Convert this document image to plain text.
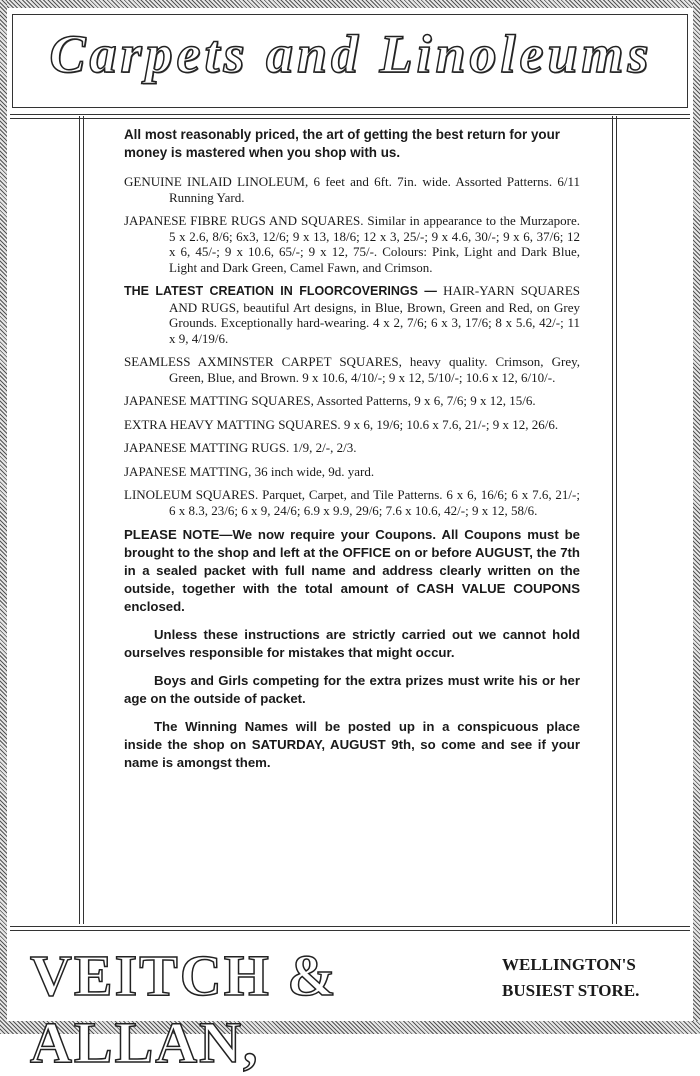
Carpets and Linoleums

All most reasonably priced, the art of getting the best return for your money is mastered when you shop with us.

GENUINE INLAID LINOLEUM, 6 feet and 6ft. 7in. wide. Assorted Patterns. 6/11 Running Yard.

JAPANESE FIBRE RUGS AND SQUARES. Similar in appearance to the Murzapore. 5 x 2.6, 8/6; 6x3, 12/6; 9 x 13, 18/6; 12 x 3, 25/-; 9 x 4.6, 30/-; 9 x 6, 37/6; 12 x 6, 45/-; 9 x 10.6, 65/-; 9 x 12, 75/-. Colours: Pink, Light and Dark Blue, Light and Dark Green, Camel Fawn, and Crimson.

THE LATEST CREATION IN FLOORCOVERINGS — HAIR-YARN SQUARES AND RUGS, beautiful Art designs, in Blue, Brown, Green and Red, on Grey Grounds. Exceptionally hard-wearing. 4 x 2, 7/6; 6 x 3, 17/6; 8 x 5.6, 42/-; 11 x 9, 4/19/6.

SEAMLESS AXMINSTER CARPET SQUARES, heavy quality. Crimson, Grey, Green, Blue, and Brown. 9 x 10.6, 4/10/-; 9 x 12, 5/10/-; 10.6 x 12, 6/10/-.

JAPANESE MATTING SQUARES, Assorted Patterns, 9 x 6, 7/6; 9 x 12, 15/6.

EXTRA HEAVY MATTING SQUARES. 9 x 6, 19/6; 10.6 x 7.6, 21/-; 9 x 12, 26/6.

JAPANESE MATTING RUGS. 1/9, 2/-, 2/3.

JAPANESE MATTING, 36 inch wide, 9d. yard.

LINOLEUM SQUARES. Parquet, Carpet, and Tile Patterns. 6 x 6, 16/6; 6 x 7.6, 21/-; 6 x 8.3, 23/6; 6 x 9, 24/6; 6.9 x 9.9, 29/6; 7.6 x 10.6, 42/-; 9 x 12, 58/6.

PLEASE NOTE—We now require your Coupons. All Coupons must be brought to the shop and left at the OFFICE on or before AUGUST, the 7th in a sealed packet with full name and address clearly written on the outside, together with the total amount of CASH VALUE COUPONS enclosed.

Unless these instructions are strictly carried out we cannot hold ourselves responsible for mistakes that might occur.

Boys and Girls competing for the extra prizes must write his or her age on the outside of packet.

The Winning Names will be posted up in a conspicuous place inside the shop on SATURDAY, AUGUST 9th, so come and see if your name is amongst them.

VEITCH & ALLAN,
WELLINGTON'S
BUSIEST STORE.
